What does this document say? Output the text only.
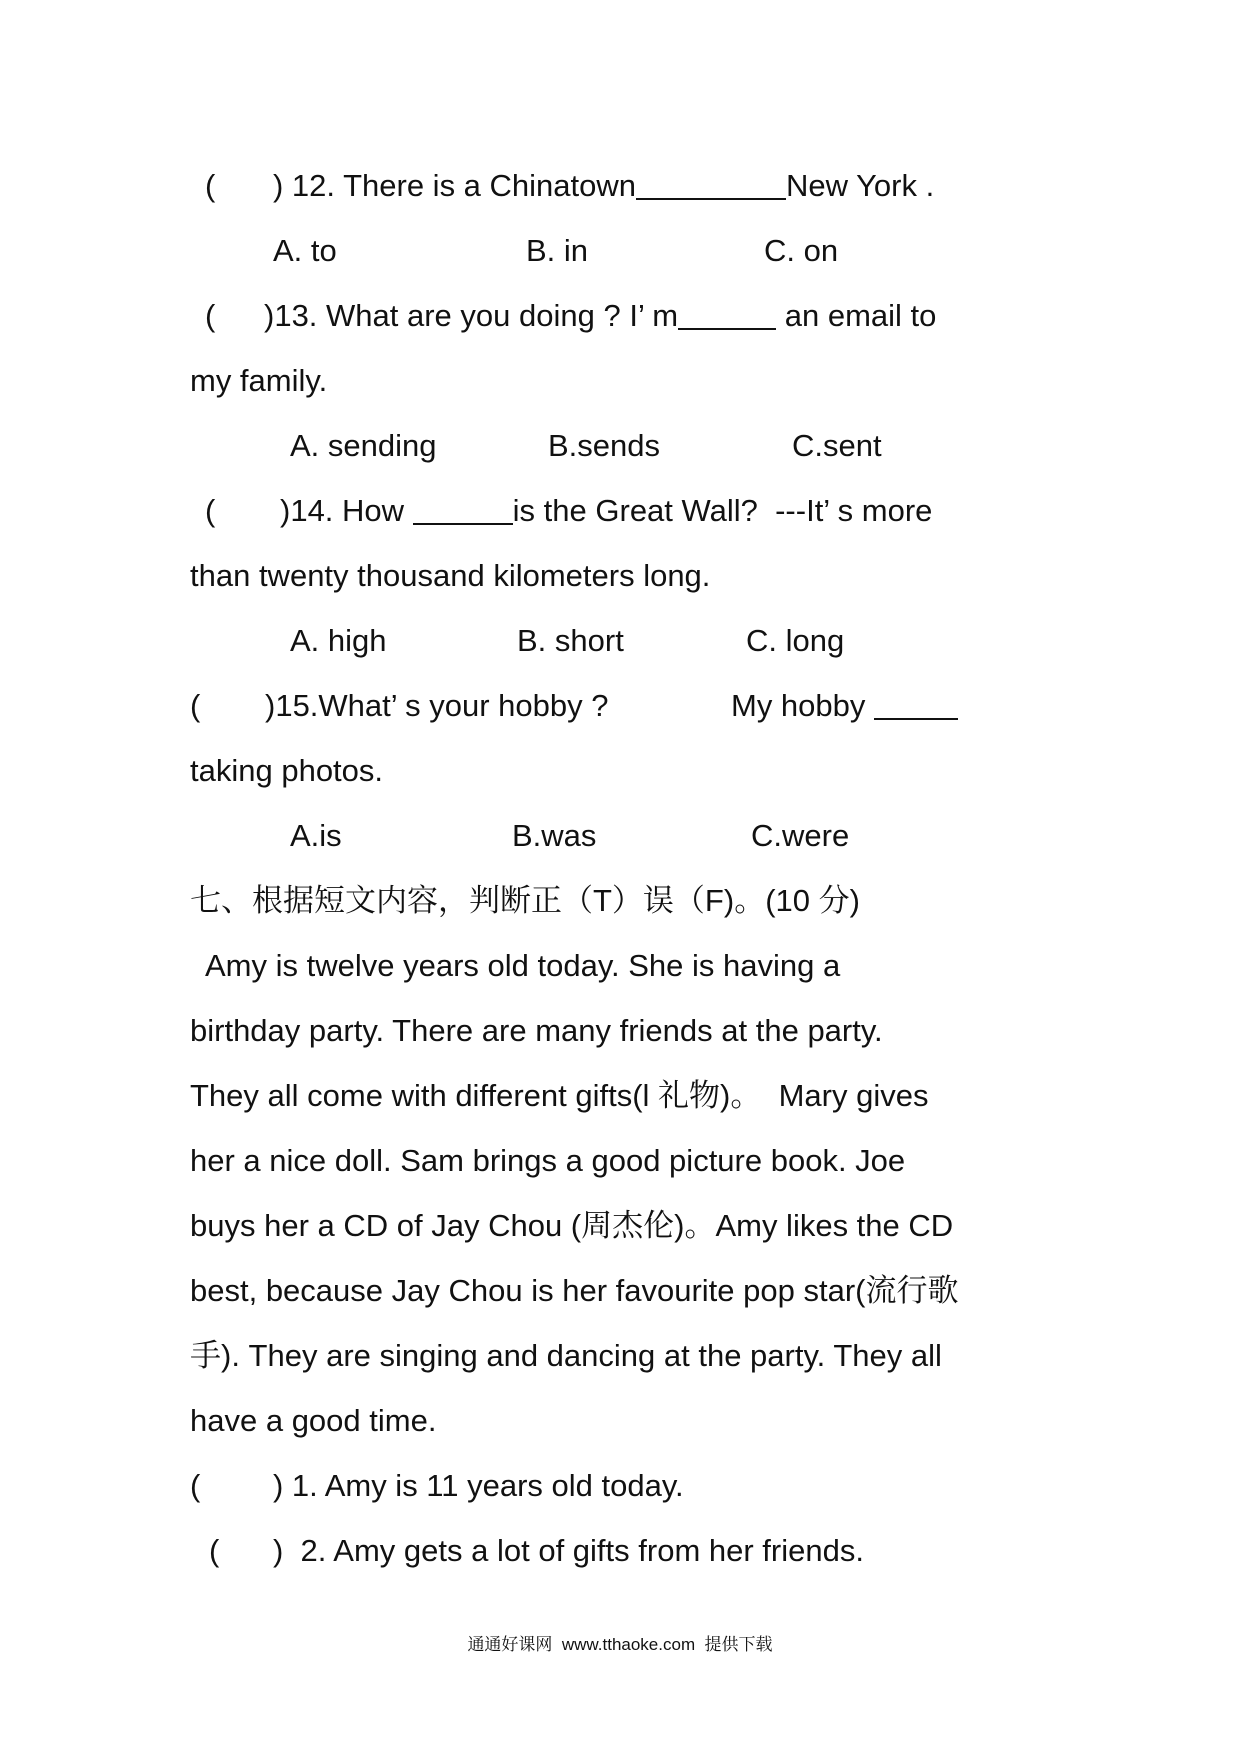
(

) 12. There is a Chinatown	New York .

A. to

	B. in

	C. on

(

)13. What are you doing ? I’ m	an email to

my family.

A. sending

	B.sends

	C.sent

(

)14. How	is the Great Wall?  ---It’ s more

than twenty thousand kilometers long.

A. high

	B. short

	C. long

(

)15.What’ s your hobby ?

	My hobby

taking photos.

A.is

	B.was

	C.were

七、根据短文内容，判断正（T）误（F)。(10 分)

Amy is twelve years old today. She is having a

birthday party. There are many friends at the party.

They all come with different gifts(l 礼物)。  Mary gives

her a nice doll. Sam brings a good picture book. Joe

buys her a CD of Jay Chou (周杰伦)。Amy likes the CD

best, because Jay Chou is her favourite pop star(流行歌

手). They are singing and dancing at the party. They all

have a good time.

(

) 1. Amy is 11 years old today.

(

)  2. Amy gets a lot of gifts from her friends.

通通好课网  www.tthaoke.com  提供下载
